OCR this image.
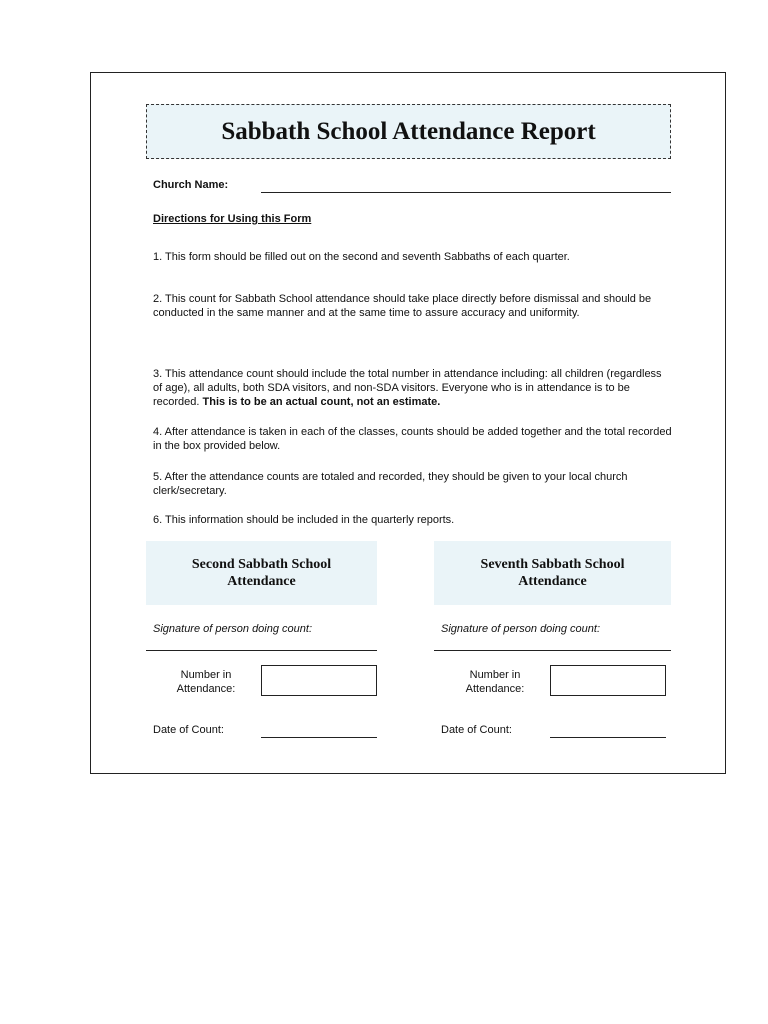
Sabbath School Attendance Report
Church Name:
Directions for Using this Form
1. This form should be filled out on the second and seventh Sabbaths of each quarter.
2. This count for Sabbath School attendance should take place directly before dismissal and should be conducted in the same manner and at the same time to assure accuracy and uniformity.
3. This attendance count should include the total number in attendance including: all children (regardless of age), all adults, both SDA visitors, and non-SDA visitors. Everyone who is in attendance is to be recorded. This is to be an actual count, not an estimate.
4. After attendance is taken in each of the classes, counts should be added together and the total recorded in the box provided below.
5. After the attendance counts are totaled and recorded, they should be given to your local church clerk/secretary.
6. This information should be included in the quarterly reports.
Second Sabbath School
Attendance
Signature of person doing count:
Number in
Attendance:
Date of Count:
Seventh Sabbath School
Attendance
Signature of person doing count:
Number in
Attendance:
Date of Count:
